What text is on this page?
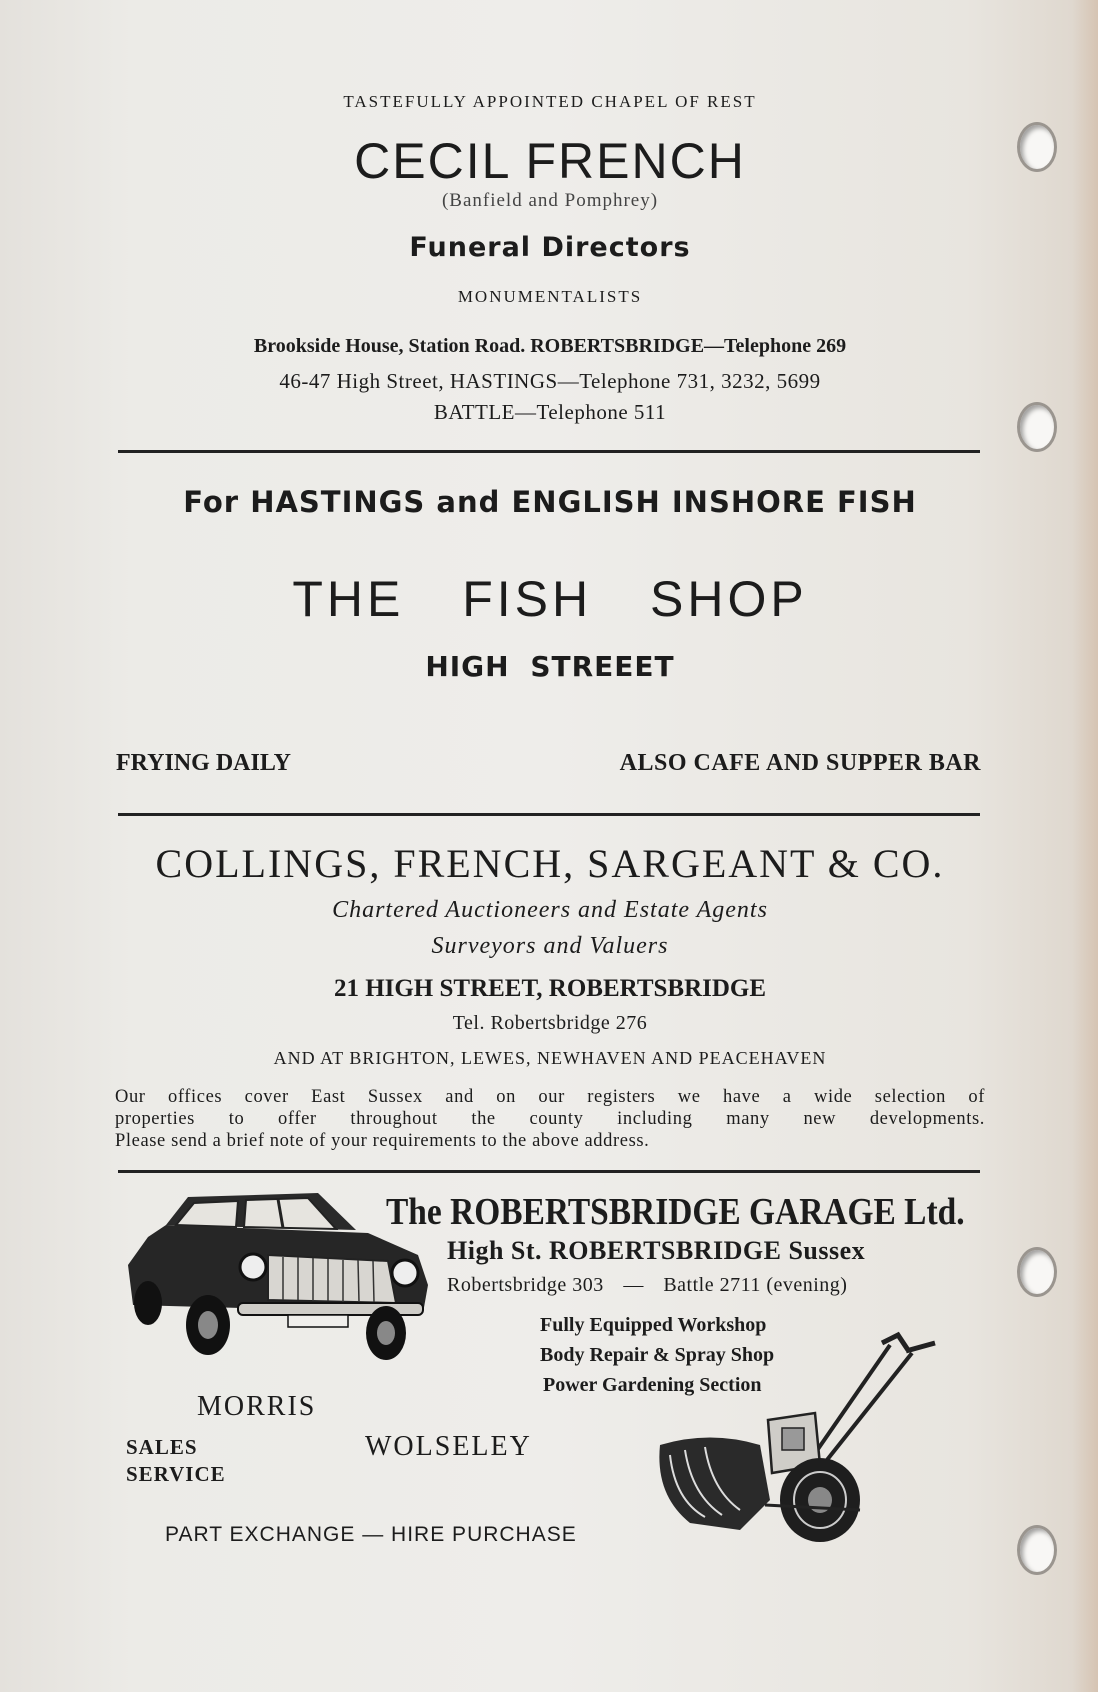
TASTEFULLY APPOINTED CHAPEL OF REST
CECIL FRENCH
(Banfield and Pomphrey)
Funeral Directors
MONUMENTALISTS
Brookside House, Station Road. ROBERTSBRIDGE—Telephone 269
46-47 High Street, HASTINGS—Telephone 731, 3232, 5699
BATTLE—Telephone 511
For HASTINGS and ENGLISH INSHORE FISH
THE FISH SHOP
HIGH STREEET
FRYING DAILY	ALSO CAFE AND SUPPER BAR
COLLINGS, FRENCH, SARGEANT & CO.
Chartered Auctioneers and Estate Agents
Surveyors and Valuers
21 HIGH STREET, ROBERTSBRIDGE
Tel. Robertsbridge 276
AND AT BRIGHTON, LEWES, NEWHAVEN AND PEACEHAVEN
Our offices cover East Sussex and on our registers we have a wide selection of
properties to offer throughout the county including many new developments.
Please send a brief note of your requirements to the above address.
The ROBERTSBRIDGE GARAGE Ltd.
High St. ROBERTSBRIDGE Sussex
Robertsbridge 303 — Battle 2711 (evening)
Fully Equipped Workshop
Body Repair & Spray Shop
Power Gardening Section
MORRIS
WOLSELEY
SALES
SERVICE
PART EXCHANGE — HIRE PURCHASE
